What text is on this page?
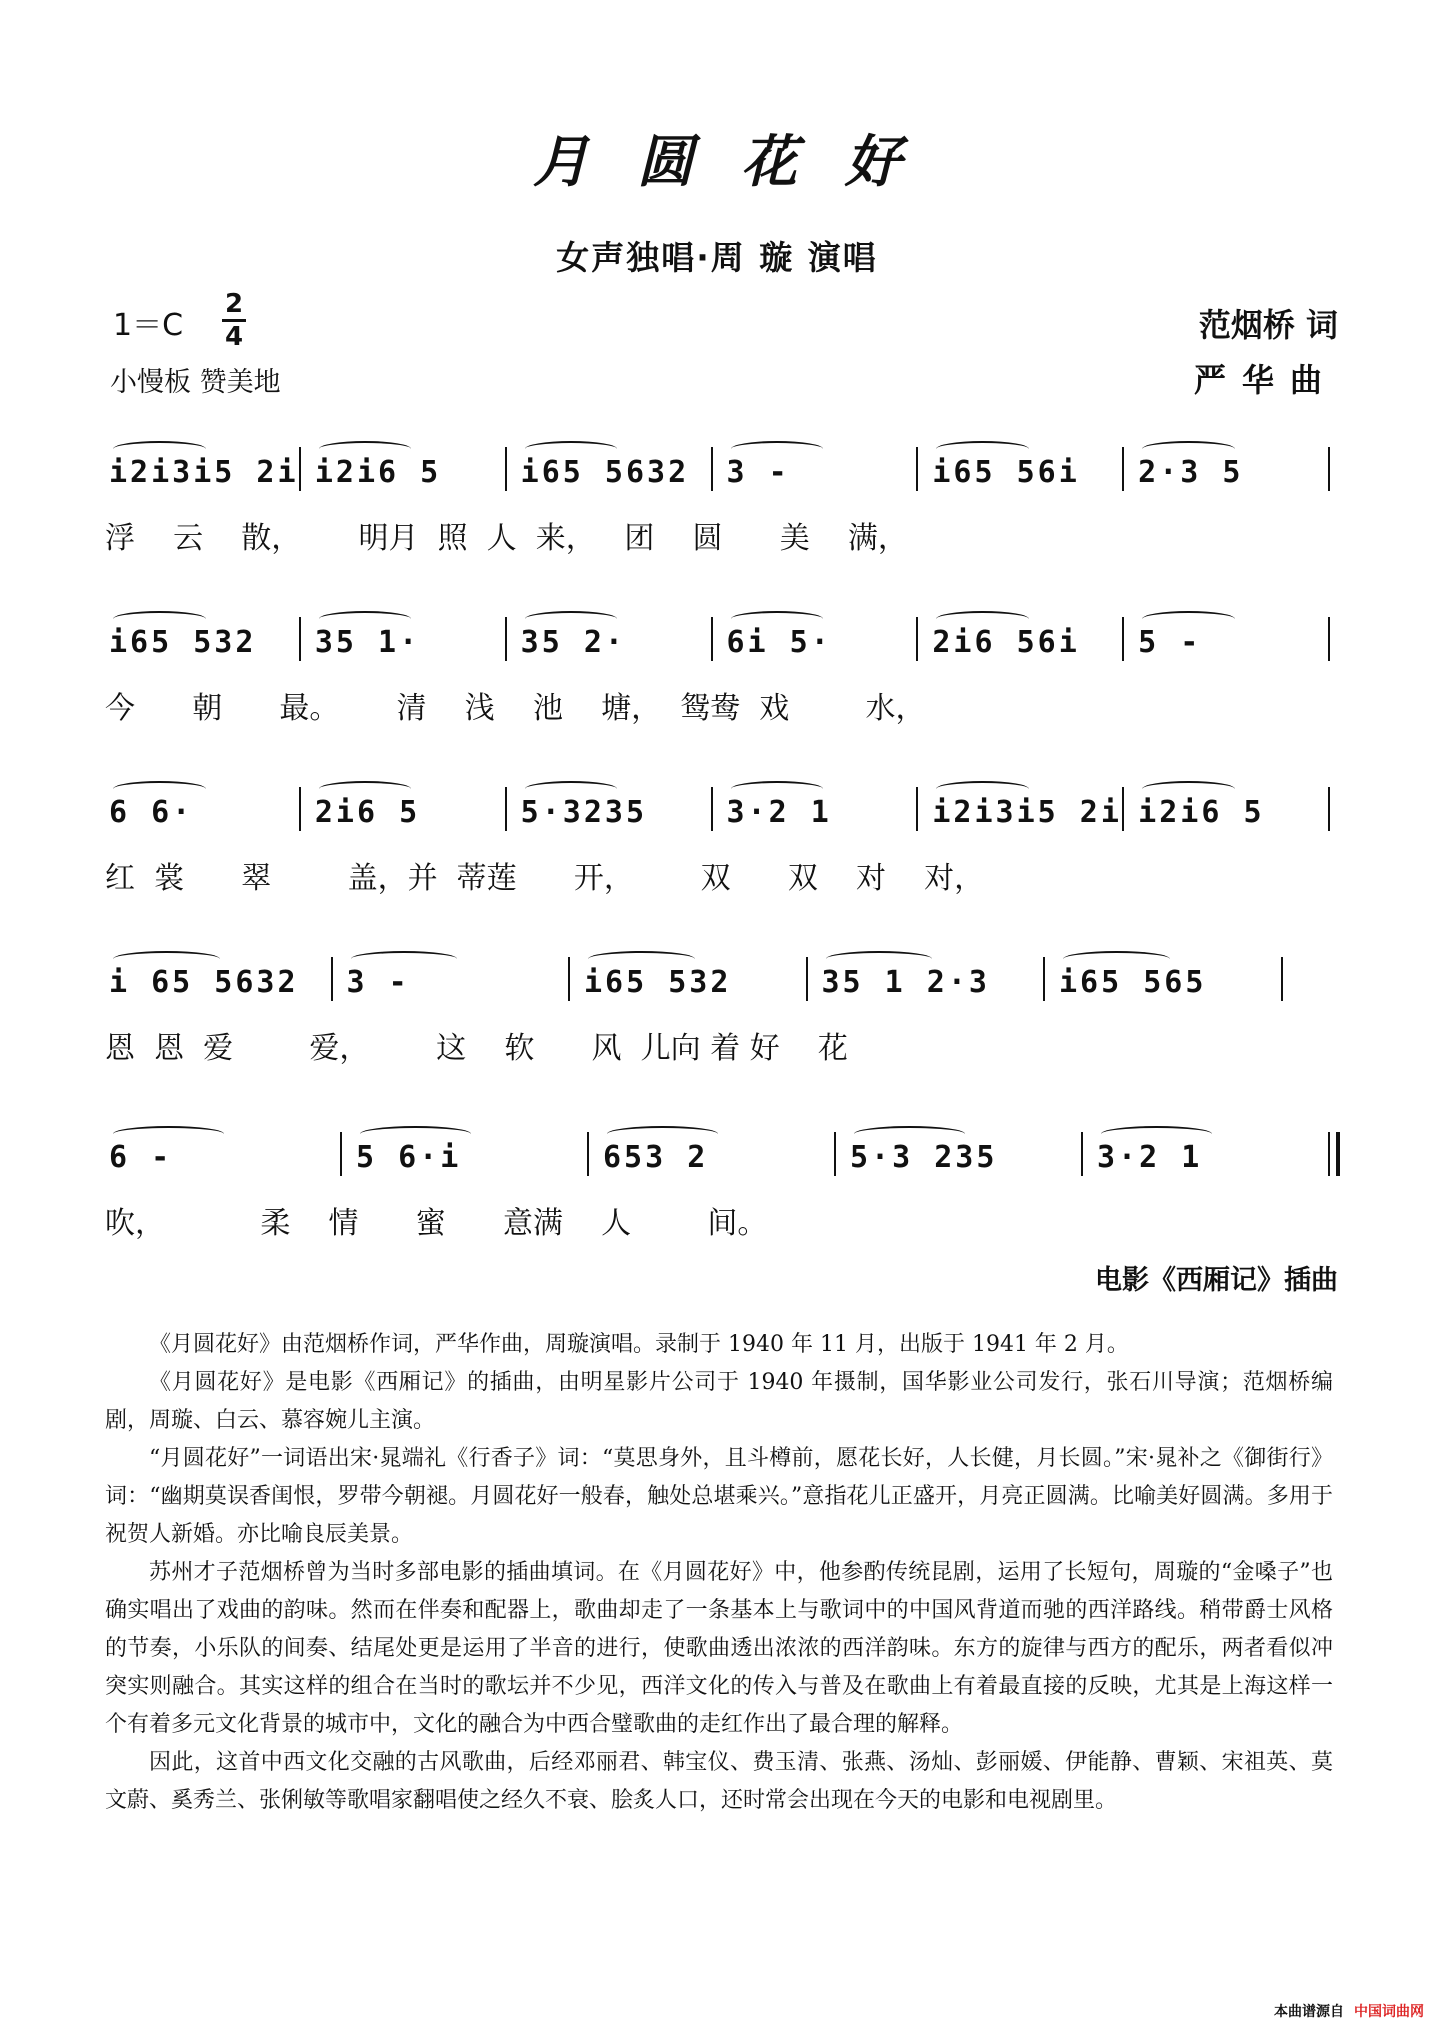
月圆花好
女声独唱·周 璇 演唱
1＝C
2
4
小慢板 赞美地
范烟桥 词
严华曲
i2i3i5 2i i2i6 5	i65 5632 3 -	i65 56i 2·3 5
浮    云    散，      明月  照  人  来，   团    圆      美    满，
i65 532 35 1·	35 2·	6i 5·	2i6 56i 5 -
今      朝      最。      清    浅    池    塘，  鸳鸯  戏        水，
6 6·	2i6 5	5·3235	3·2 1	i2i3i5 2i i2i6 5
红  裳      翠        盖，并  蒂莲      开，       双      双    对    对，
i 65 5632 3 -	i65 532	35 1 2·3 i65 565
恩  恩  爱        爱，       这    软      风  儿向 着 好    花
6 -	5 6·i	653 2	5·3 235	3·2 1
吹，          柔    情      蜜      意满    人        间。
电影《西厢记》插曲

《月圆花好》由范烟桥作词，严华作曲，周璇演唱。录制于 1940 年 11 月，出版于 1941 年 2 月。

《月圆花好》是电影《西厢记》的插曲，由明星影片公司于 1940 年摄制，国华影业公司发行，张石川导演；范烟桥编剧，周璇、白云、慕容婉儿主演。

“月圆花好”一词语出宋·晁端礼《行香子》词：“莫思身外，且斗樽前，愿花长好，人长健，月长圆。”宋·晁补之《御街行》词：“幽期莫误香闺恨，罗带今朝褪。月圆花好一般春，触处总堪乘兴。”意指花儿正盛开，月亮正圆满。比喻美好圆满。多用于祝贺人新婚。亦比喻良辰美景。

苏州才子范烟桥曾为当时多部电影的插曲填词。在《月圆花好》中，他参酌传统昆剧，运用了长短句，周璇的“金嗓子”也确实唱出了戏曲的韵味。然而在伴奏和配器上，歌曲却走了一条基本上与歌词中的中国风背道而驰的西洋路线。稍带爵士风格的节奏，小乐队的间奏、结尾处更是运用了半音的进行，使歌曲透出浓浓的西洋韵味。东方的旋律与西方的配乐，两者看似冲突实则融合。其实这样的组合在当时的歌坛并不少见，西洋文化的传入与普及在歌曲上有着最直接的反映，尤其是上海这样一个有着多元文化背景的城市中，文化的融合为中西合璧歌曲的走红作出了最合理的解释。

因此，这首中西文化交融的古风歌曲，后经邓丽君、韩宝仪、费玉清、张燕、汤灿、彭丽媛、伊能静、曹颖、宋祖英、莫文蔚、奚秀兰、张俐敏等歌唱家翻唱使之经久不衰、脍炙人口，还时常会出现在今天的电影和电视剧里。

本曲谱源自 中国词曲网
